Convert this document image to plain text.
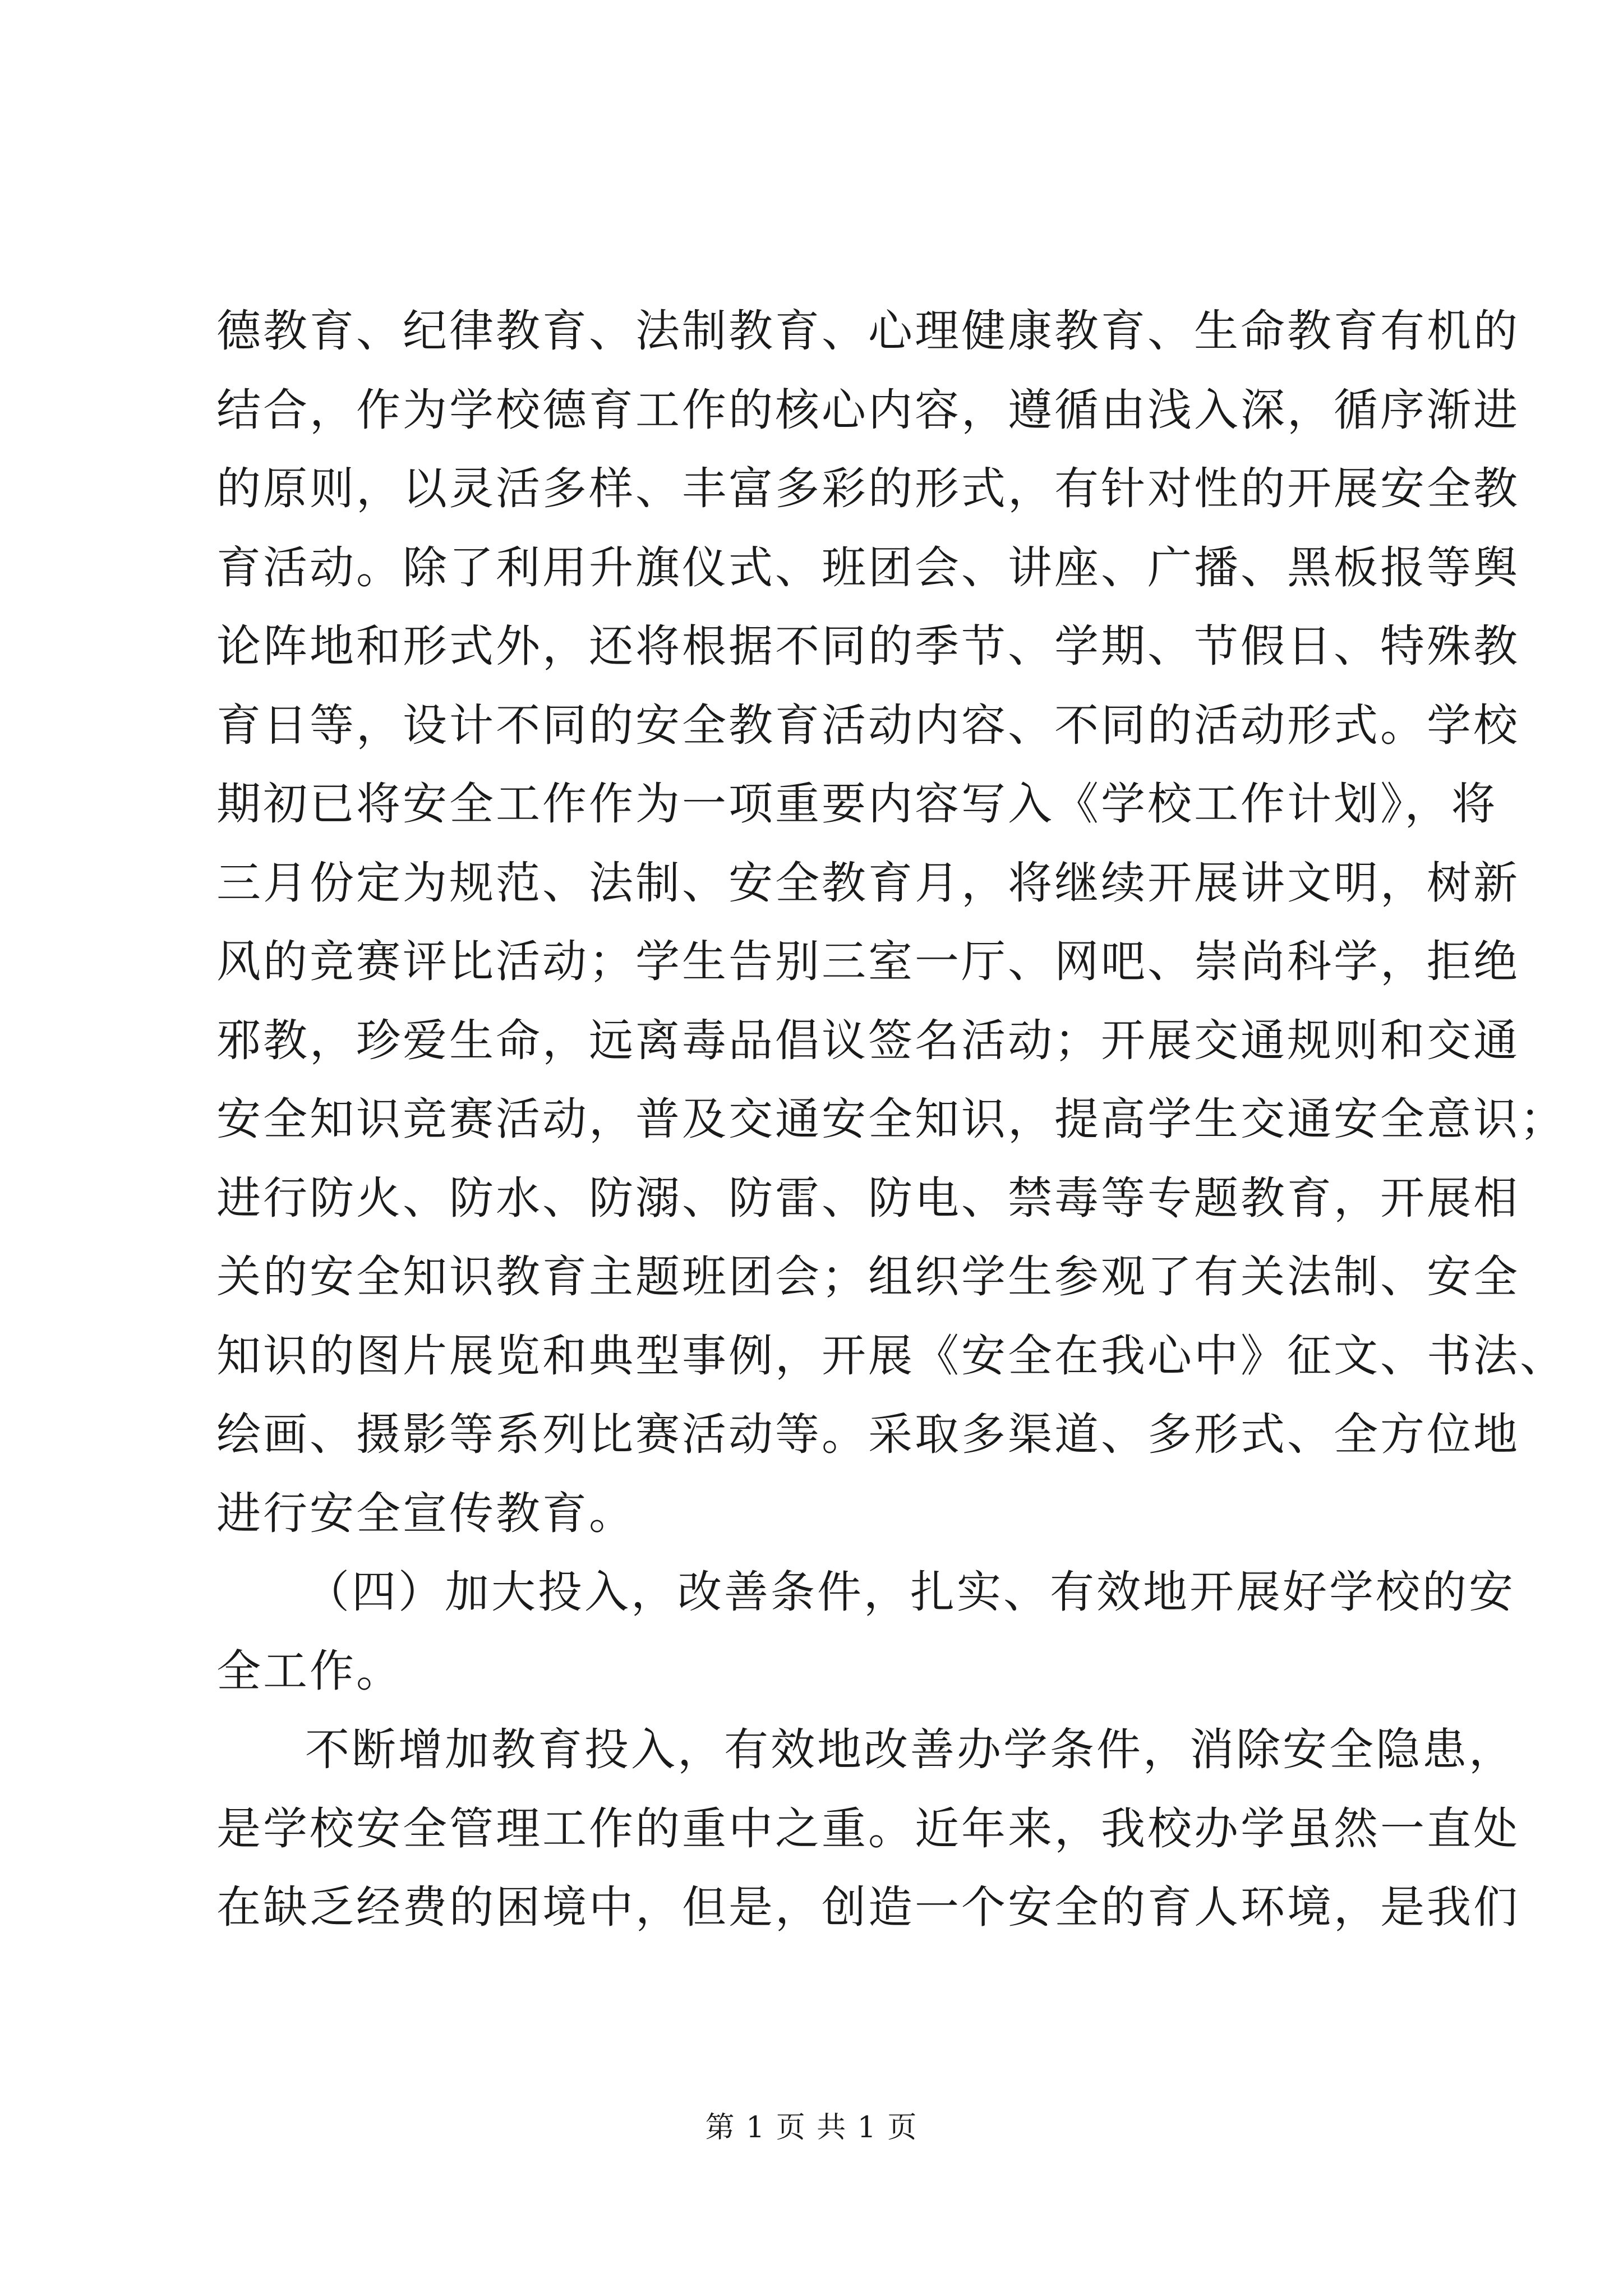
德教育、纪律教育、法制教育、心理健康教育、生命教育有机的
结合，作为学校德育工作的核心内容，遵循由浅入深，循序渐进
的原则，以灵活多样、丰富多彩的形式，有针对性的开展安全教
育活动。除了利用升旗仪式、班团会、讲座、广播、黑板报等舆
论阵地和形式外，还将根据不同的季节、学期、节假日、特殊教
育日等，设计不同的安全教育活动内容、不同的活动形式。学校
期初已将安全工作作为一项重要内容写入《学校工作计划》，将
三月份定为规范、法制、安全教育月，将继续开展讲文明，树新
风的竞赛评比活动；学生告别三室一厅、网吧、崇尚科学，拒绝
邪教，珍爱生命，远离毒品倡议签名活动；开展交通规则和交通
安全知识竞赛活动，普及交通安全知识，提高学生交通安全意识；
进行防火、防水、防溺、防雷、防电、禁毒等专题教育，开展相
关的安全知识教育主题班团会；组织学生参观了有关法制、安全
知识的图片展览和典型事例，开展《安全在我心中》征文、书法、
绘画、摄影等系列比赛活动等。采取多渠道、多形式、全方位地
进行安全宣传教育。

（四）加大投入，改善条件，扎实、有效地开展好学校的安
全工作。

不断增加教育投入，有效地改善办学条件，消除安全隐患，
是学校安全管理工作的重中之重。近年来，我校办学虽然一直处
在缺乏经费的困境中，但是，创造一个安全的育人环境，是我们

第 1 页 共 1 页
